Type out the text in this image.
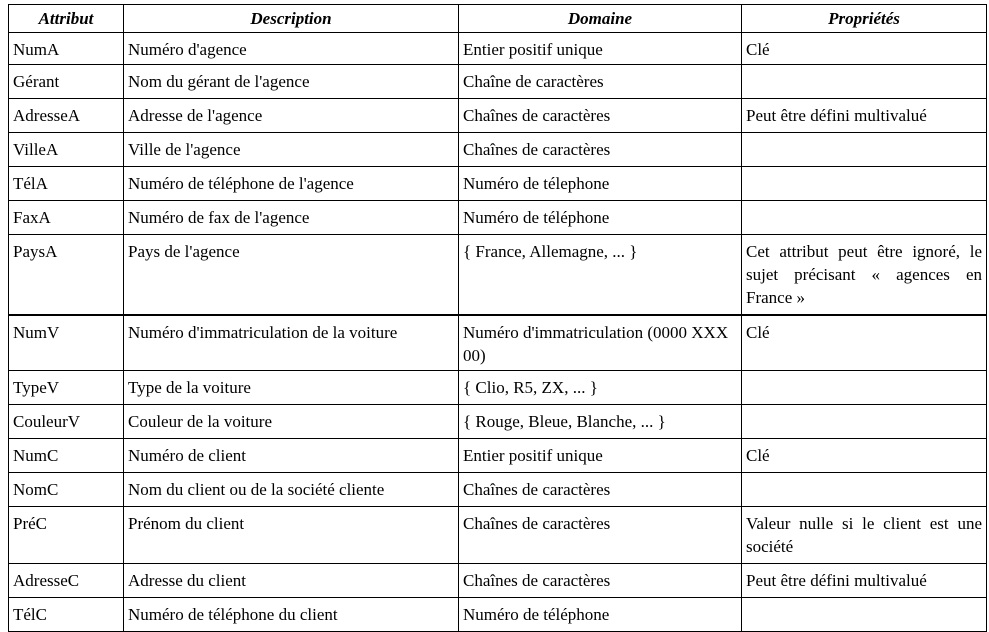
Attribut	Description	Domaine	Propriétés
NumA	Numéro d'agence	Entier positif unique	Clé
Gérant	Nom du gérant de l'agence	Chaîne de caractères	
AdresseA	Adresse de l'agence	Chaînes de caractères	Peut être défini multivalué
VilleA	Ville de l'agence	Chaînes de caractères	
TélA	Numéro de téléphone de l'agence	Numéro de télephone	
FaxA	Numéro de fax de l'agence	Numéro de téléphone	
PaysA	Pays de l'agence	{ France, Allemagne, ... }	Cet attribut peut être ignoré, le sujet précisant « agences en France »
NumV	Numéro d'immatriculation de la voiture	Numéro d'immatriculation (0000 XXX 00)	Clé
TypeV	Type de la voiture	{ Clio, R5, ZX, ... }	
CouleurV	Couleur de la voiture	{ Rouge, Bleue, Blanche, ... }	
NumC	Numéro de client	Entier positif unique	Clé
NomC	Nom du client ou de la société cliente	Chaînes de caractères	
PréC	Prénom du client	Chaînes de caractères	Valeur nulle si le client est une société
AdresseC	Adresse du client	Chaînes de caractères	Peut être défini multivalué
TélC	Numéro de téléphone du client	Numéro de téléphone	
